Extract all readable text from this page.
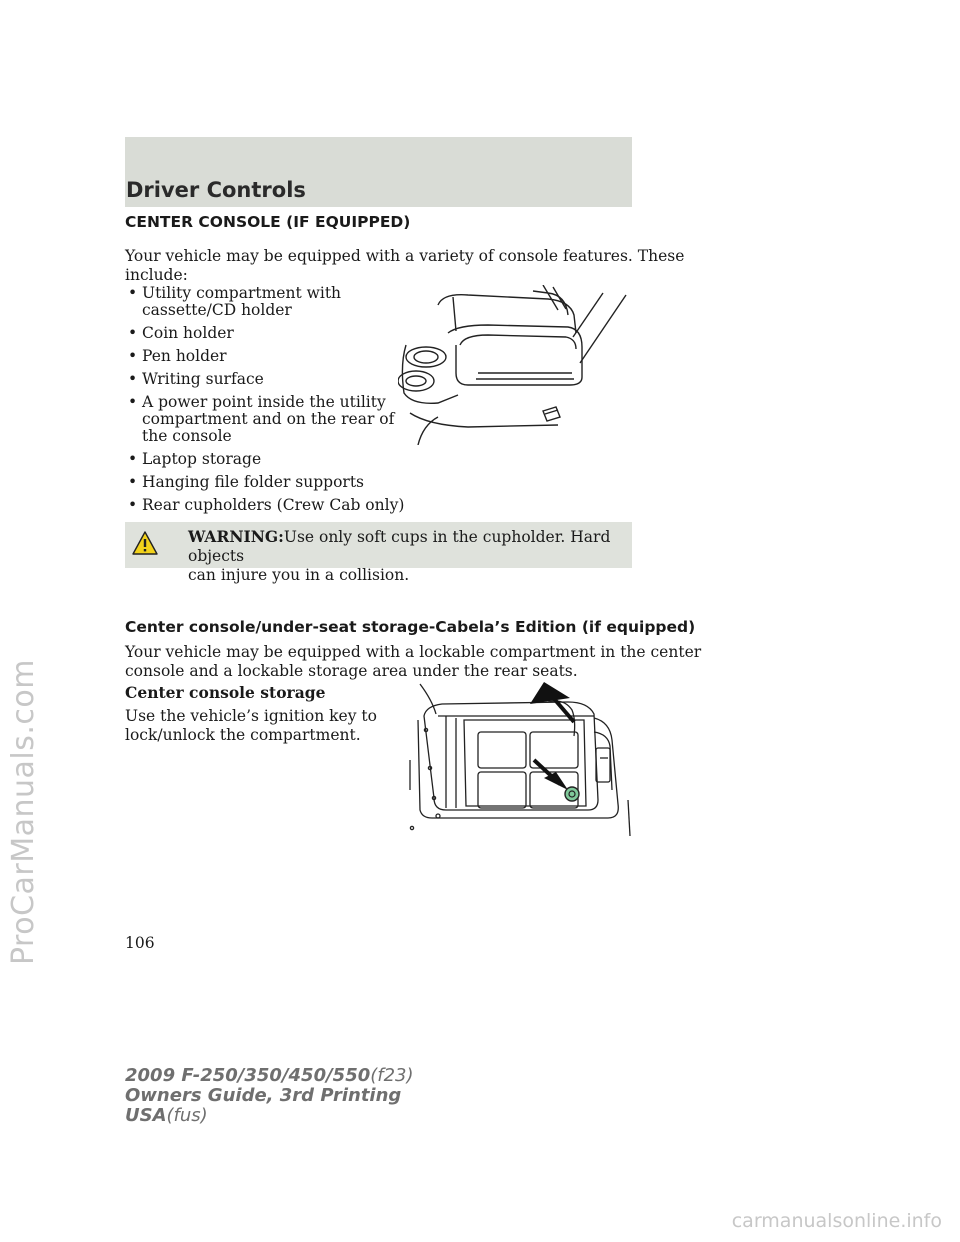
ProCarManuals.com
carmanualsonline.info
Driver Controls
CENTER CONSOLE (IF EQUIPPED)
Your vehicle may be equipped with a variety of console features. These
include:
• Utility compartment with cassette/CD holder
• Coin holder
• Pen holder
• Writing surface
• A power point inside the utility compartment and on the rear of the console
• Laptop storage
• Hanging file folder supports
• Rear cupholders (Crew Cab only)
WARNING:Use only soft cups in the cupholder. Hard objects
can injure you in a collision.
Center console/under-seat storage-Cabela’s Edition (if equipped)
Your vehicle may be equipped with a lockable compartment in the center
console and a lockable storage area under the rear seats.
Center console storage
Use the vehicle’s ignition key to
lock/unlock the compartment.
106
2009 F-250/350/450/550(f23)
Owners Guide, 3rd Printing
USA(fus)
